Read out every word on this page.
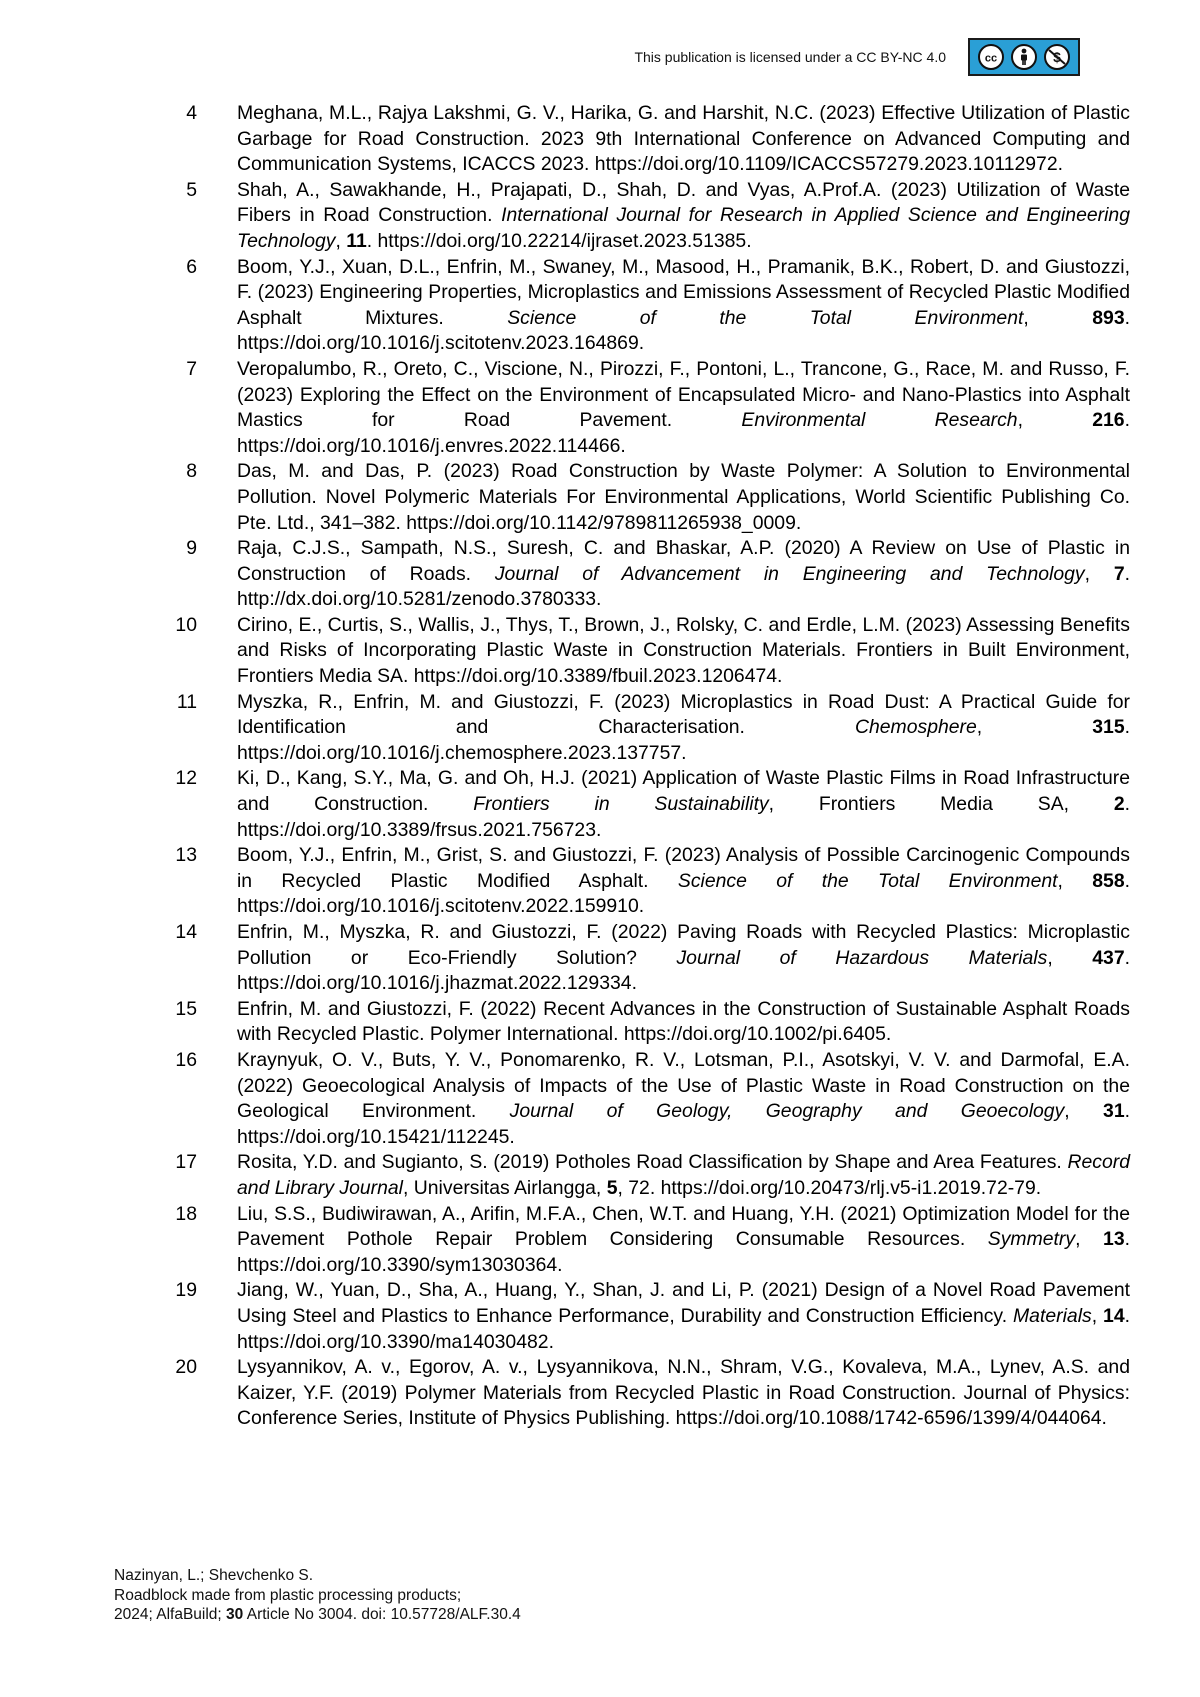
This publication is licensed under a CC BY-NC 4.0	cc
4 Meghana, M.L., Rajya Lakshmi, G. V., Harika, G. and Harshit, N.C. (2023) Effective Utilization of Plastic Garbage for Road Construction. 2023 9th International Conference on Advanced Computing and Communication Systems, ICACCS 2023. https://doi.org/10.1109/ICACCS57279.2023.10112972.

5 Shah, A., Sawakhande, H., Prajapati, D., Shah, D. and Vyas, A.Prof.A. (2023) Utilization of Waste Fibers in Road Construction. International Journal for Research in Applied Science and Engineering Technology, 11. https://doi.org/10.22214/ijraset.2023.51385.

6 Boom, Y.J., Xuan, D.L., Enfrin, M., Swaney, M., Masood, H., Pramanik, B.K., Robert, D. and Giustozzi, F. (2023) Engineering Properties, Microplastics and Emissions Assessment of Recycled Plastic Modified Asphalt Mixtures. Science of the Total Environment, 893. https://doi.org/10.1016/j.scitotenv.2023.164869.

7 Veropalumbo, R., Oreto, C., Viscione, N., Pirozzi, F., Pontoni, L., Trancone, G., Race, M. and Russo, F. (2023) Exploring the Effect on the Environment of Encapsulated Micro- and Nano-Plastics into Asphalt Mastics for Road Pavement. Environmental Research, 216. https://doi.org/10.1016/j.envres.2022.114466.

8 Das, M. and Das, P. (2023) Road Construction by Waste Polymer: A Solution to Environmental Pollution. Novel Polymeric Materials For Environmental Applications, World Scientific Publishing Co. Pte. Ltd., 341–382. https://doi.org/10.1142/9789811265938_0009.

9 Raja, C.J.S., Sampath, N.S., Suresh, C. and Bhaskar, A.P. (2020) A Review on Use of Plastic in Construction of Roads. Journal of Advancement in Engineering and Technology, 7. http://dx.doi.org/10.5281/zenodo.3780333.

10 Cirino, E., Curtis, S., Wallis, J., Thys, T., Brown, J., Rolsky, C. and Erdle, L.M. (2023) Assessing Benefits and Risks of Incorporating Plastic Waste in Construction Materials. Frontiers in Built Environment, Frontiers Media SA. https://doi.org/10.3389/fbuil.2023.1206474.

11 Myszka, R., Enfrin, M. and Giustozzi, F. (2023) Microplastics in Road Dust: A Practical Guide for Identification and Characterisation. Chemosphere, 315. https://doi.org/10.1016/j.chemosphere.2023.137757.

12 Ki, D., Kang, S.Y., Ma, G. and Oh, H.J. (2021) Application of Waste Plastic Films in Road Infrastructure and Construction. Frontiers in Sustainability, Frontiers Media SA, 2. https://doi.org/10.3389/frsus.2021.756723.

13 Boom, Y.J., Enfrin, M., Grist, S. and Giustozzi, F. (2023) Analysis of Possible Carcinogenic Compounds in Recycled Plastic Modified Asphalt. Science of the Total Environment, 858. https://doi.org/10.1016/j.scitotenv.2022.159910.

14 Enfrin, M., Myszka, R. and Giustozzi, F. (2022) Paving Roads with Recycled Plastics: Microplastic Pollution or Eco-Friendly Solution? Journal of Hazardous Materials, 437. https://doi.org/10.1016/j.jhazmat.2022.129334.

15 Enfrin, M. and Giustozzi, F. (2022) Recent Advances in the Construction of Sustainable Asphalt Roads with Recycled Plastic. Polymer International. https://doi.org/10.1002/pi.6405.

16 Kraynyuk, O. V., Buts, Y. V., Ponomarenko, R. V., Lotsman, P.I., Asotskyi, V. V. and Darmofal, E.A. (2022) Geoecological Analysis of Impacts of the Use of Plastic Waste in Road Construction on the Geological Environment. Journal of Geology, Geography and Geoecology, 31. https://doi.org/10.15421/112245.

17 Rosita, Y.D. and Sugianto, S. (2019) Potholes Road Classification by Shape and Area Features. Record and Library Journal, Universitas Airlangga, 5, 72. https://doi.org/10.20473/rlj.v5-i1.2019.72-79.

18 Liu, S.S., Budiwirawan, A., Arifin, M.F.A., Chen, W.T. and Huang, Y.H. (2021) Optimization Model for the Pavement Pothole Repair Problem Considering Consumable Resources. Symmetry, 13. https://doi.org/10.3390/sym13030364.

19 Jiang, W., Yuan, D., Sha, A., Huang, Y., Shan, J. and Li, P. (2021) Design of a Novel Road Pavement Using Steel and Plastics to Enhance Performance, Durability and Construction Efficiency. Materials, 14. https://doi.org/10.3390/ma14030482.

20 Lysyannikov, A. v., Egorov, A. v., Lysyannikova, N.N., Shram, V.G., Kovaleva, M.A., Lynev, A.S. and Kaizer, Y.F. (2019) Polymer Materials from Recycled Plastic in Road Construction. Journal of Physics: Conference Series, Institute of Physics Publishing. https://doi.org/10.1088/1742-6596/1399/4/044064.

Nazinyan, L.; Shevchenko S.
Roadblock made from plastic processing products;
2024; AlfaBuild; 30 Article No 3004. doi: 10.57728/ALF.30.4
